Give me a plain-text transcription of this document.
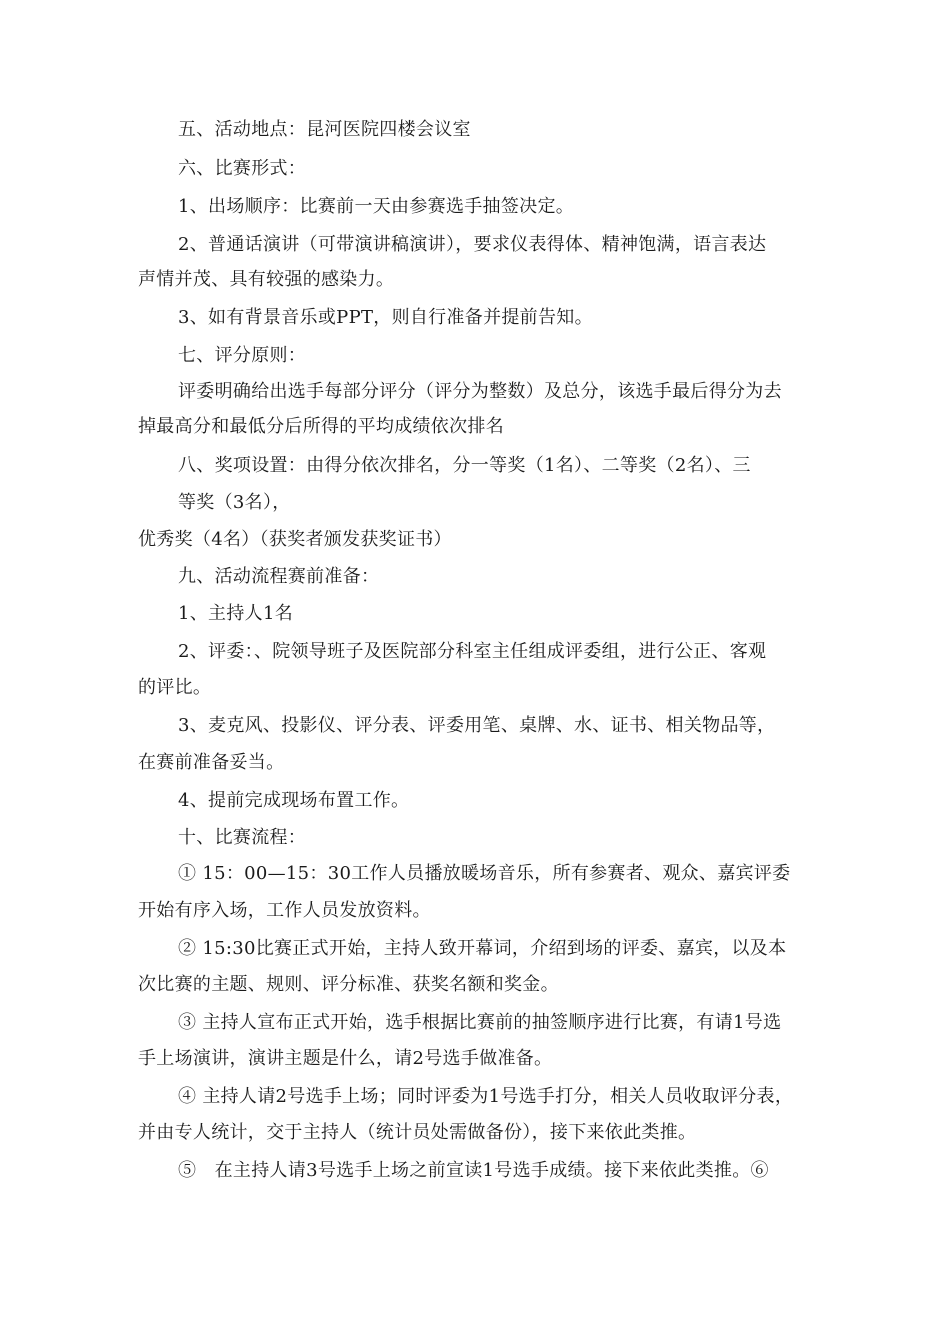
五、活动地点：昆河医院四楼会议室

六、比赛形式：

1、出场顺序：比赛前一天由参赛选手抽签决定。

2、普通话演讲（可带演讲稿演讲），要求仪表得体、精神饱满，语言表达

声情并茂、具有较强的感染力。

3、如有背景音乐或PPT，则自行准备并提前告知。

七、评分原则：

评委明确给出选手每部分评分（评分为整数）及总分，该选手最后得分为去

掉最高分和最低分后所得的平均成绩依次排名

八、奖项设置：由得分依次排名，分一等奖（1名）、二等奖（2名）、三

等奖（3名），

优秀奖（4名）（获奖者颁发获奖证书）

九、活动流程赛前准备：

1、主持人1名

2、评委：、院领导班子及医院部分科室主任组成评委组，进行公正、客观

的评比。

3、麦克风、投影仪、评分表、评委用笔、桌牌、水、证书、相关物品等，

在赛前准备妥当。

4、提前完成现场布置工作。

十、比赛流程：

① 15：00—15：30工作人员播放暖场音乐，所有参赛者、观众、嘉宾评委

开始有序入场，工作人员发放资料。

② 15:30比赛正式开始，主持人致开幕词，介绍到场的评委、嘉宾，以及本

次比赛的主题、规则、评分标准、获奖名额和奖金。

③ 主持人宣布正式开始，选手根据比赛前的抽签顺序进行比赛，有请1号选

手上场演讲，演讲主题是什么，请2号选手做准备。

④ 主持人请2号选手上场；同时评委为1号选手打分，相关人员收取评分表，

并由专人统计，交于主持人（统计员处需做备份），接下来依此类推。

⑤　在主持人请3号选手上场之前宣读1号选手成绩。接下来依此类推。⑥
